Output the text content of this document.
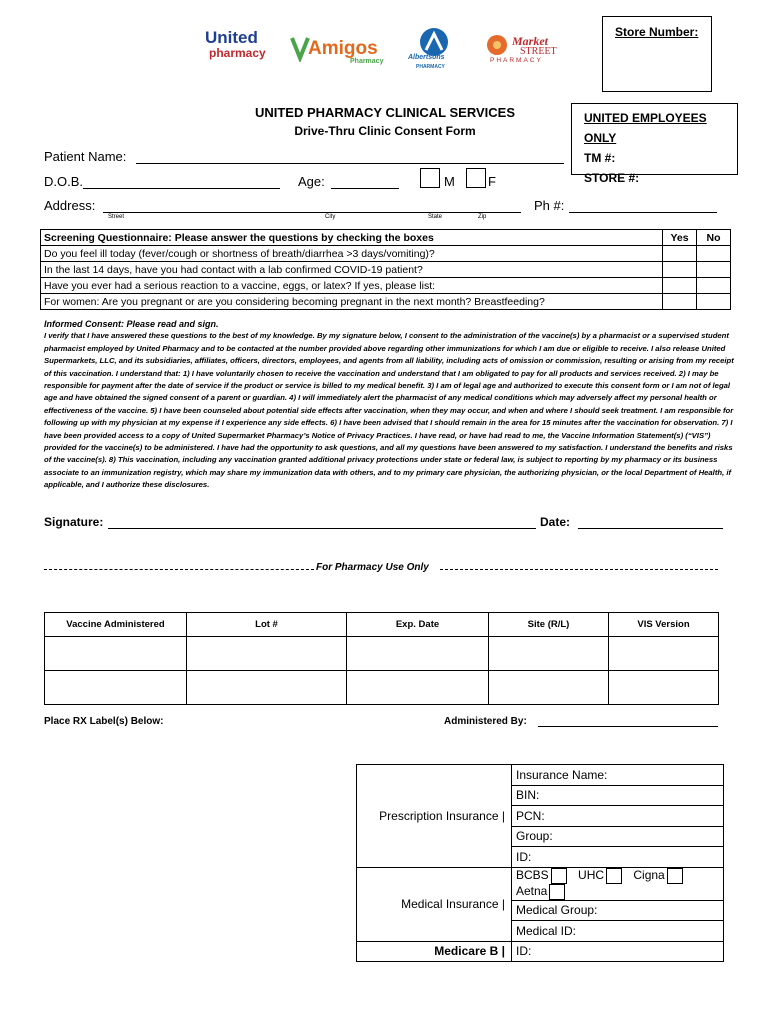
United
pharmacy	Amigos
Pharmacy
Albertsons
PHARMACY
Market
STREET
PHARMACY
Store Number:
UNITED PHARMACY CLINICAL SERVICES
Drive-Thru Clinic Consent Form
UNITED EMPLOYEES ONLY
TM #:
STORE #:
Patient Name:
D.O.B.	Age:	M	F
Address:
Street	City	State	Zip
Ph #:
Screening Questionnaire: Please answer the questions by checking the boxes	Yes	No
Do you feel ill today (fever/cough or shortness of breath/diarrhea >3 days/vomiting)?		
In the last 14 days, have you had contact with a lab confirmed COVID-19 patient?		
Have you ever had a serious reaction to a vaccine, eggs, or latex? If yes, please list:		
For women: Are you pregnant or are you considering becoming pregnant in the next month? Breastfeeding?		
Informed Consent: Please read and sign.
I verify that I have answered these questions to the best of my knowledge. By my signature below, I consent to the administration of the vaccine(s) by a pharmacist or a supervised student pharmacist employed by United Pharmacy and to be contacted at the number provided above regarding other immunizations for which I am due or eligible to receive. I also release United Supermarkets, LLC, and its subsidiaries, affiliates, officers, directors, employees, and agents from all liability, including acts of omission or commission, resulting or arising from my receipt of this vaccination. I understand that: 1) I have voluntarily chosen to receive the vaccination and understand that I am obligated to pay for all products and services received. 2) I may be responsible for payment after the date of service if the product or service is billed to my medical benefit. 3) I am of legal age and authorized to execute this consent form or I am not of legal age and have obtained the signed consent of a parent or guardian. 4) I will immediately alert the pharmacist of any medical conditions which may adversely affect my personal health or effectiveness of the vaccine. 5) I have been counseled about potential side effects after vaccination, when they may occur, and when and where I should seek treatment. I am responsible for following up with my physician at my expense if I experience any side effects. 6) I have been advised that I should remain in the area for 15 minutes after the vaccination for observation. 7) I have been provided access to a copy of United Supermarket Pharmacy’s Notice of Privacy Practices. I have read, or have had read to me, the Vaccine Information Statement(s) (“VIS”) provided for the vaccine(s) to be administered. I have had the opportunity to ask questions, and all my questions have been answered to my satisfaction. I understand the benefits and risks of the vaccine(s). 8) This vaccination, including any vaccination granted additional privacy protections under state or federal law, is subject to reporting by my pharmacy or its business associate to an immunization registry, which may share my immunization data with others, and to my primary care physician, the authorizing physician, or the local Department of Health, if applicable, and I authorize these disclosures.
Signature:	Date:
For Pharmacy Use Only
Vaccine Administered	Lot #	Exp. Date	Site (R/L)	VIS Version

Place RX Label(s) Below:	Administered By:
Prescription Insurance |	Insurance Name:
	BIN:
	PCN:
	Group:
	ID:
Medical Insurance |	BCBS UHC Cigna Aetna
	Medical Group:
	Medical ID:
Medicare B |	ID:
